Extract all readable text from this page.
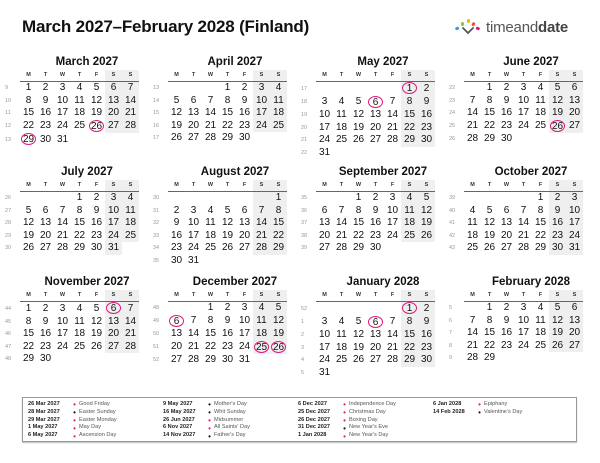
March 2027–February 2028 (Finland)	timeanddate
March 2027
	M	T	W	T	F	S	S
9	1	2	3	4	5	6	7
10	8	9	10	11	12	13	14
11	15	16	17	18	19	20	21
12	22	23	24	25	26	27	28
13	29	30	31				
April 2027
	M	T	W	T	F	S	S
13				1	2	3	4
14	5	6	7	8	9	10	11
15	12	13	14	15	16	17	18
16	19	20	21	22	23	24	25
17	26	27	28	29	30		
May 2027
	M	T	W	T	F	S	S
17						1	2
18	3	4	5	6	7	8	9
19	10	11	12	13	14	15	16
20	17	18	19	20	21	22	23
21	24	25	26	27	28	29	30
22	31						
June 2027
	M	T	W	T	F	S	S
22		1	2	3	4	5	6
23	7	8	9	10	11	12	13
24	14	15	16	17	18	19	20
25	21	22	23	24	25	26	27
26	28	29	30				
July 2027
	M	T	W	T	F	S	S
26				1	2	3	4
27	5	6	7	8	9	10	11
28	12	13	14	15	16	17	18
29	19	20	21	22	23	24	25
30	26	27	28	29	30	31	
August 2027
	M	T	W	T	F	S	S
30							1
31	2	3	4	5	6	7	8
32	9	10	11	12	13	14	15
33	16	17	18	19	20	21	22
34	23	24	25	26	27	28	29
35	30	31					
September 2027
	M	T	W	T	F	S	S
35			1	2	3	4	5
36	6	7	8	9	10	11	12
37	13	14	15	16	17	18	19
38	20	21	22	23	24	25	26
39	27	28	29	30			
October 2027
	M	T	W	T	F	S	S
39					1	2	3
40	4	5	6	7	8	9	10
41	11	12	13	14	15	16	17
42	18	19	20	21	22	23	24
43	25	26	27	28	29	30	31
November 2027
	M	T	W	T	F	S	S
44	1	2	3	4	5	6	7
45	8	9	10	11	12	13	14
46	15	16	17	18	19	20	21
47	22	23	24	25	26	27	28
48	29	30					
December 2027
	M	T	W	T	F	S	S
48			1	2	3	4	5
49	6	7	8	9	10	11	12
50	13	14	15	16	17	18	19
51	20	21	22	23	24	25	26
52	27	28	29	30	31		
January 2028
	M	T	W	T	F	S	S
52						1	2
1	3	4	5	6	7	8	9
2	10	11	12	13	14	15	16
3	17	18	19	20	21	22	23
4	24	25	26	27	28	29	30
5	31						
February 2028
	M	T	W	T	F	S	S
5		1	2	3	4	5	6
6	7	8	9	10	11	12	13
7	14	15	16	17	18	19	20
8	21	22	23	24	25	26	27
9	28	29					
26 Mar 2027	• Good Friday
28 Mar 2027	• Easter Sunday
29 Mar 2027	• Easter Monday
1 May 2027	• May Day
6 May 2027	• Ascension Day
9 May 2027	• Mother's Day
16 May 2027	• Whit Sunday
26 Jun 2027	• Midsummer
6 Nov 2027	• All Saints' Day
14 Nov 2027	• Father's Day
6 Dec 2027	• Independence Day
25 Dec 2027	• Christmas Day
26 Dec 2027	• Boxing Day
31 Dec 2027	• New Year's Eve
1 Jan 2028	• New Year's Day
6 Jan 2028	• Epiphany
14 Feb 2028	• Valentine's Day
